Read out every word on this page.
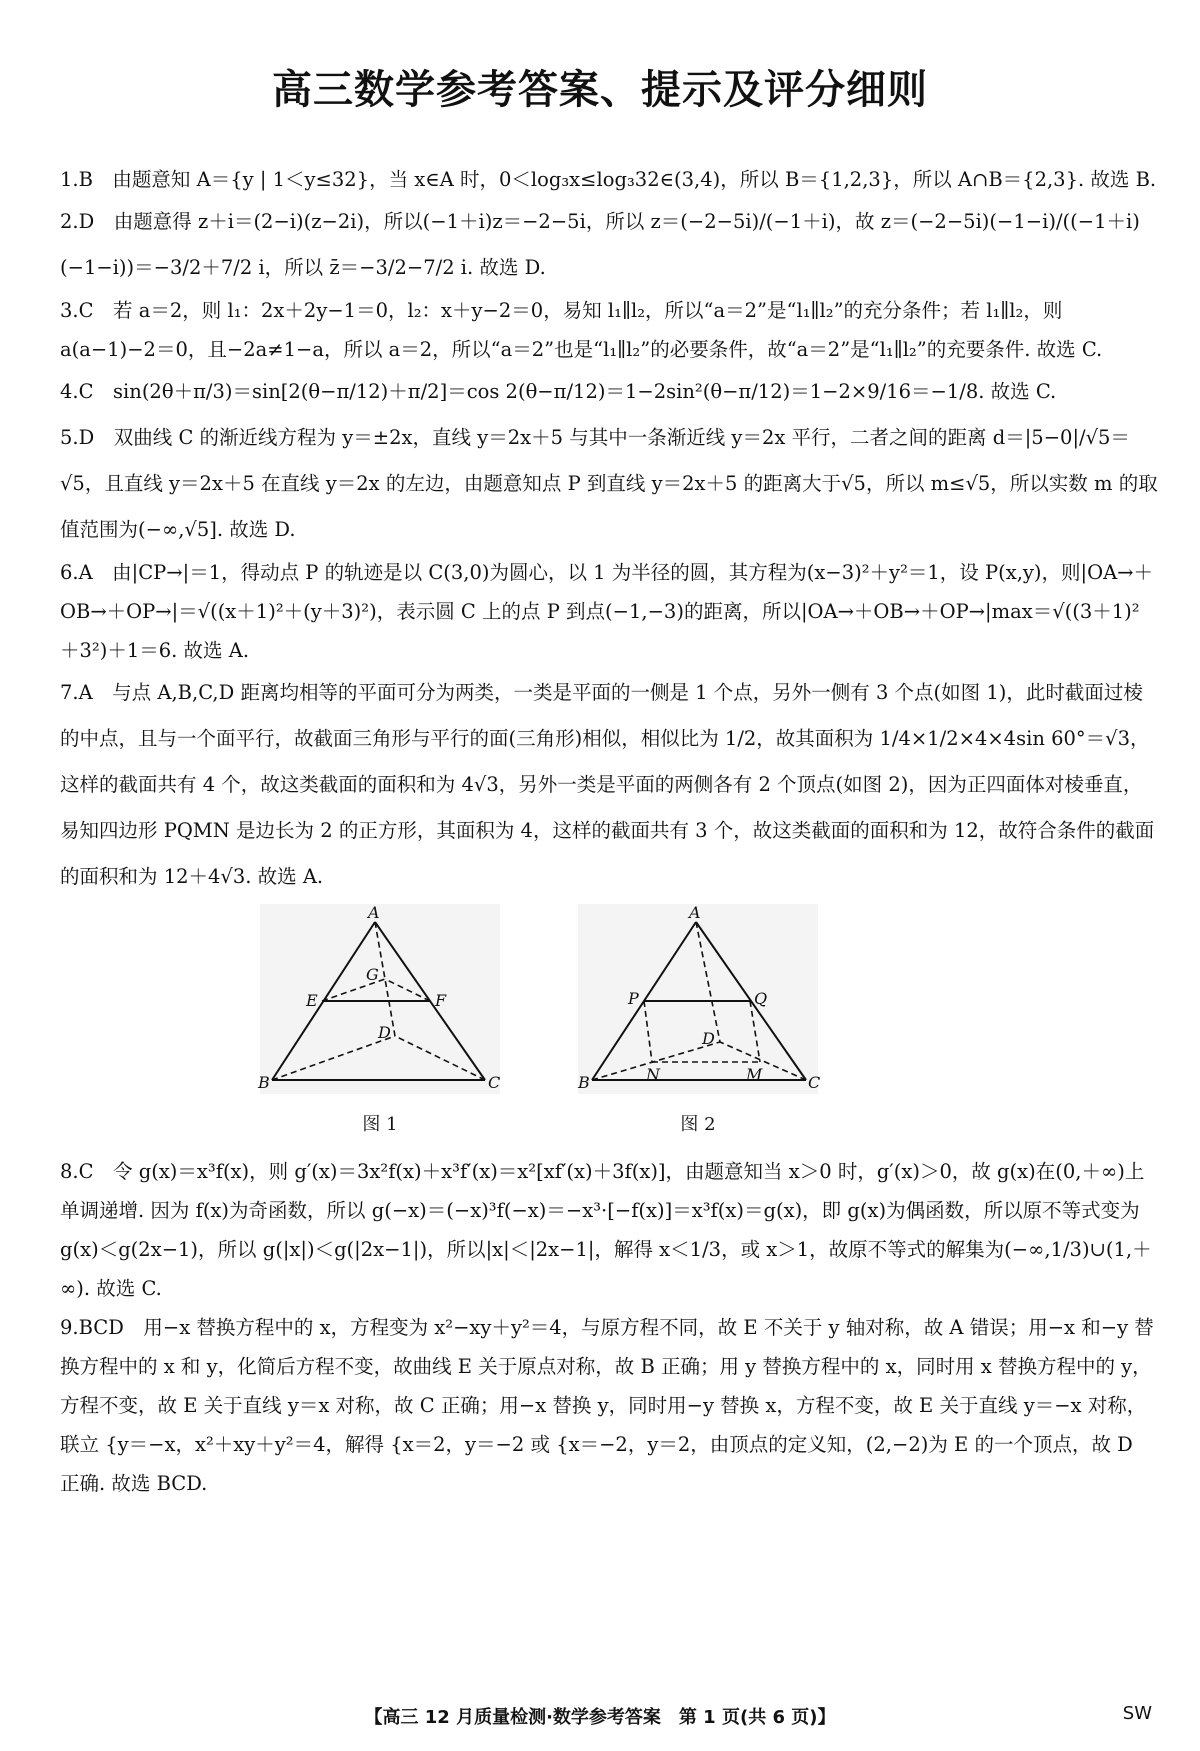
高三数学参考答案、提示及评分细则

1.B　由题意知 A＝{y | 1＜y≤32}，当 x∈A 时，0＜log₃x≤log₃32∈(3,4)，所以 B＝{1,2,3}，所以 A∩B＝{2,3}. 故选 B.

2.D　由题意得 z＋i＝(2−i)(z−2i)，所以(−1＋i)z＝−2−5i，所以 z＝(−2−5i)/(−1＋i)，故 z＝(−2−5i)(−1−i)/((−1＋i)(−1−i))＝−3/2＋7/2 i，所以 z̄＝−3/2−7/2 i. 故选 D.

3.C　若 a＝2，则 l₁：2x＋2y−1＝0，l₂：x＋y−2＝0，易知 l₁∥l₂，所以“a＝2”是“l₁∥l₂”的充分条件；若 l₁∥l₂，则 a(a−1)−2＝0，且−2a≠1−a，所以 a＝2，所以“a＝2”也是“l₁∥l₂”的必要条件，故“a＝2”是“l₁∥l₂”的充要条件. 故选 C.

4.C　sin(2θ＋π/3)＝sin[2(θ−π/12)＋π/2]＝cos 2(θ−π/12)＝1−2sin²(θ−π/12)＝1−2×9/16＝−1/8. 故选 C.

5.D　双曲线 C 的渐近线方程为 y＝±2x，直线 y＝2x＋5 与其中一条渐近线 y＝2x 平行，二者之间的距离 d＝|5−0|/√5＝√5，且直线 y＝2x＋5 在直线 y＝2x 的左边，由题意知点 P 到直线 y＝2x＋5 的距离大于√5，所以 m≤√5，所以实数 m 的取值范围为(−∞,√5]. 故选 D.

6.A　由|CP→|＝1，得动点 P 的轨迹是以 C(3,0)为圆心，以 1 为半径的圆，其方程为(x−3)²＋y²＝1，设 P(x,y)，则|OA→＋OB→＋OP→|＝√((x＋1)²＋(y＋3)²)，表示圆 C 上的点 P 到点(−1,−3)的距离，所以|OA→＋OB→＋OP→|max＝√((3＋1)²＋3²)＋1＝6. 故选 A.

7.A　与点 A,B,C,D 距离均相等的平面可分为两类，一类是平面的一侧是 1 个点，另外一侧有 3 个点(如图 1)，此时截面过棱的中点，且与一个面平行，故截面三角形与平行的面(三角形)相似，相似比为 1/2，故其面积为 1/4×1/2×4×4sin 60°＝√3，这样的截面共有 4 个，故这类截面的面积和为 4√3，另外一类是平面的两侧各有 2 个顶点(如图 2)，因为正四面体对棱垂直，易知四边形 PQMN 是边长为 2 的正方形，其面积为 4，这样的截面共有 3 个，故这类截面的面积和为 12，故符合条件的截面的面积和为 12＋4√3. 故选 A.

A
G
E	F
D
B	C
图 1
A
P	Q
D
N	M
B	C
图 2

8.C　令 g(x)＝x³f(x)，则 g′(x)＝3x²f(x)＋x³f′(x)＝x²[xf′(x)＋3f(x)]，由题意知当 x＞0 时，g′(x)＞0，故 g(x)在(0,＋∞)上单调递增. 因为 f(x)为奇函数，所以 g(−x)＝(−x)³f(−x)＝−x³·[−f(x)]＝x³f(x)＝g(x)，即 g(x)为偶函数，所以原不等式变为 g(x)＜g(2x−1)，所以 g(|x|)＜g(|2x−1|)，所以|x|＜|2x−1|，解得 x＜1/3，或 x＞1，故原不等式的解集为(−∞,1/3)∪(1,＋∞). 故选 C.

9.BCD　用−x 替换方程中的 x，方程变为 x²−xy＋y²＝4，与原方程不同，故 E 不关于 y 轴对称，故 A 错误；用−x 和−y 替换方程中的 x 和 y，化简后方程不变，故曲线 E 关于原点对称，故 B 正确；用 y 替换方程中的 x，同时用 x 替换方程中的 y，方程不变，故 E 关于直线 y＝x 对称，故 C 正确；用−x 替换 y，同时用−y 替换 x，方程不变，故 E 关于直线 y＝−x 对称，联立 {y＝−x，x²＋xy＋y²＝4，解得 {x＝2，y＝−2 或 {x＝−2，y＝2，由顶点的定义知，(2,−2)为 E 的一个顶点，故 D 正确. 故选 BCD.

【高三 12 月质量检测·数学参考答案　第 1 页(共 6 页)】	SW
